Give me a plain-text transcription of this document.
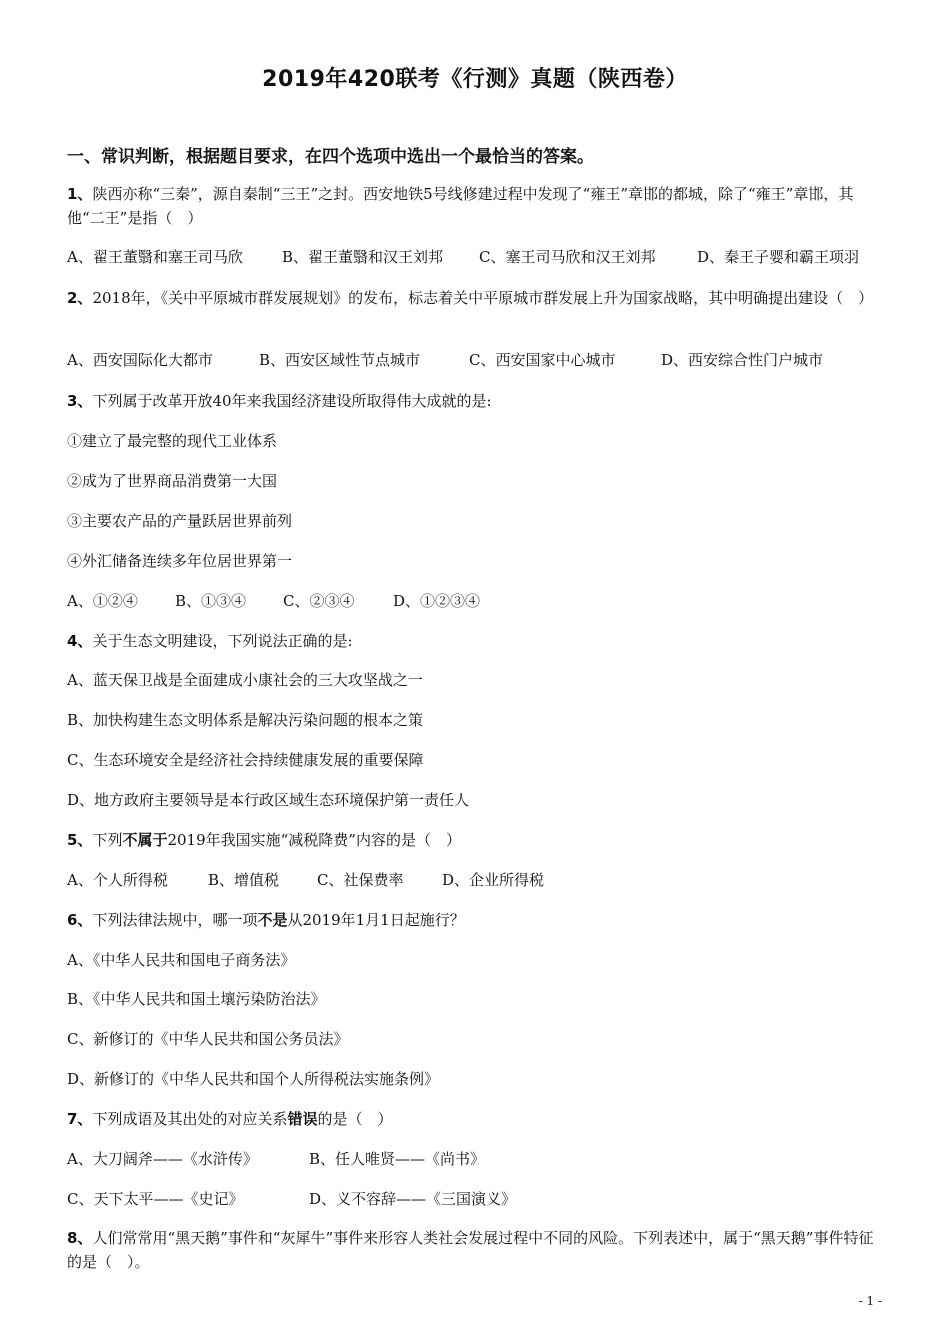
2019年420联考《行测》真题（陕西卷）
一、常识判断，根据题目要求，在四个选项中选出一个最恰当的答案。
1、陕西亦称“三秦”，源自秦制“三王”之封。西安地铁5号线修建过程中发现了“雍王”章邯的都城，除了“雍王”章邯，其他“二王”是指（　）
A、翟王董翳和塞王司马欣	B、翟王董翳和汉王刘邦 C、塞王司马欣和汉王刘邦	D、秦王子婴和霸王项羽
2、2018年，《关中平原城市群发展规划》的发布，标志着关中平原城市群发展上升为国家战略，其中明确提出建设（　）
A、西安国际化大都市	B、西安区域性节点城市	C、西安国家中心城市	D、西安综合性门户城市
3、下列属于改革开放40年来我国经济建设所取得伟大成就的是:
①建立了最完整的现代工业体系
②成为了世界商品消费第一大国
③主要农产品的产量跃居世界前列
④外汇储备连续多年位居世界第一
A、①②④ B、①③④ C、②③④	D、①②③④
4、关于生态文明建设，下列说法正确的是:
A、蓝天保卫战是全面建成小康社会的三大攻坚战之一
B、加快构建生态文明体系是解决污染问题的根本之策
C、生态环境安全是经济社会持续健康发展的重要保障
D、地方政府主要领导是本行政区域生态环境保护第一责任人
5、下列不属于2019年我国实施“减税降费”内容的是（　）
A、个人所得税	B、增值税	C、社保费率	D、企业所得税
6、下列法律法规中，哪一项不是从2019年1月1日起施行？
A、《中华人民共和国电子商务法》
B、《中华人民共和国土壤污染防治法》
C、新修订的《中华人民共和国公务员法》
D、新修订的《中华人民共和国个人所得税法实施条例》
7、下列成语及其出处的对应关系错误的是（　）
A、大刀阔斧——《水浒传》	B、任人唯贤——《尚书》
C、天下太平——《史记》	D、义不容辞——《三国演义》
8、人们常常用“黑天鹅”事件和“灰犀牛”事件来形容人类社会发展过程中不同的风险。下列表述中，属于“黑天鹅”事件特征的是（　）。
- 1 -
